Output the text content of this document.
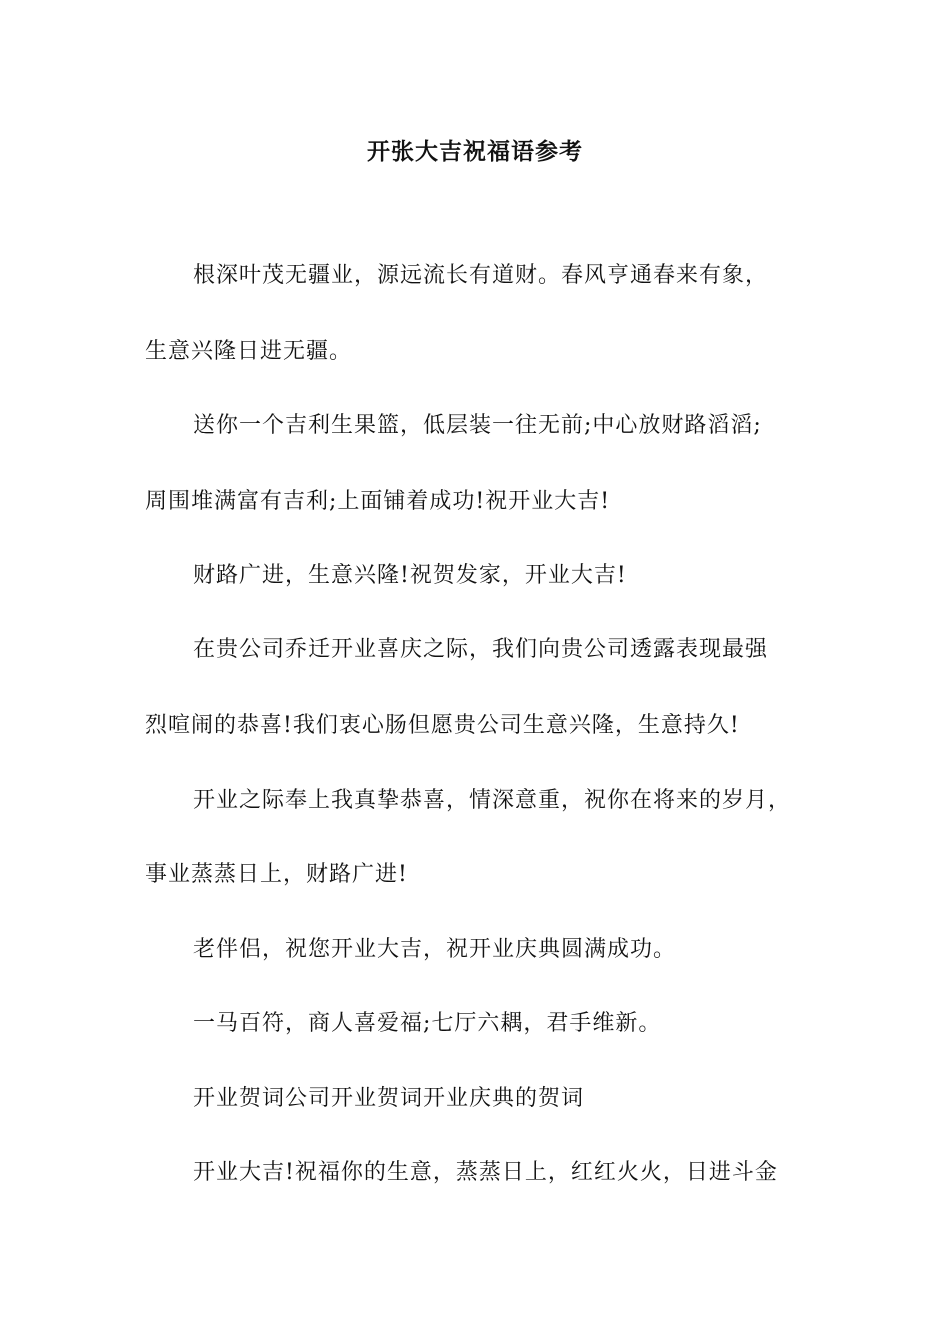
开张大吉祝福语参考
根深叶茂无疆业，源远流长有道财。春风亨通春来有象，
生意兴隆日进无疆。
送你一个吉利生果篮，低层装一往无前;中心放财路滔滔;
周围堆满富有吉利;上面铺着成功!祝开业大吉!
财路广进，生意兴隆!祝贺发家，开业大吉!
在贵公司乔迁开业喜庆之际，我们向贵公司透露表现最强
烈喧闹的恭喜!我们衷心肠但愿贵公司生意兴隆，生意持久!
开业之际奉上我真挚恭喜，情深意重，祝你在将来的岁月，
事业蒸蒸日上，财路广进!
老伴侣，祝您开业大吉，祝开业庆典圆满成功。
一马百符，商人喜爱福;七厅六耦，君手维新。
开业贺词公司开业贺词开业庆典的贺词
开业大吉!祝福你的生意，蒸蒸日上，红红火火，日进斗金
